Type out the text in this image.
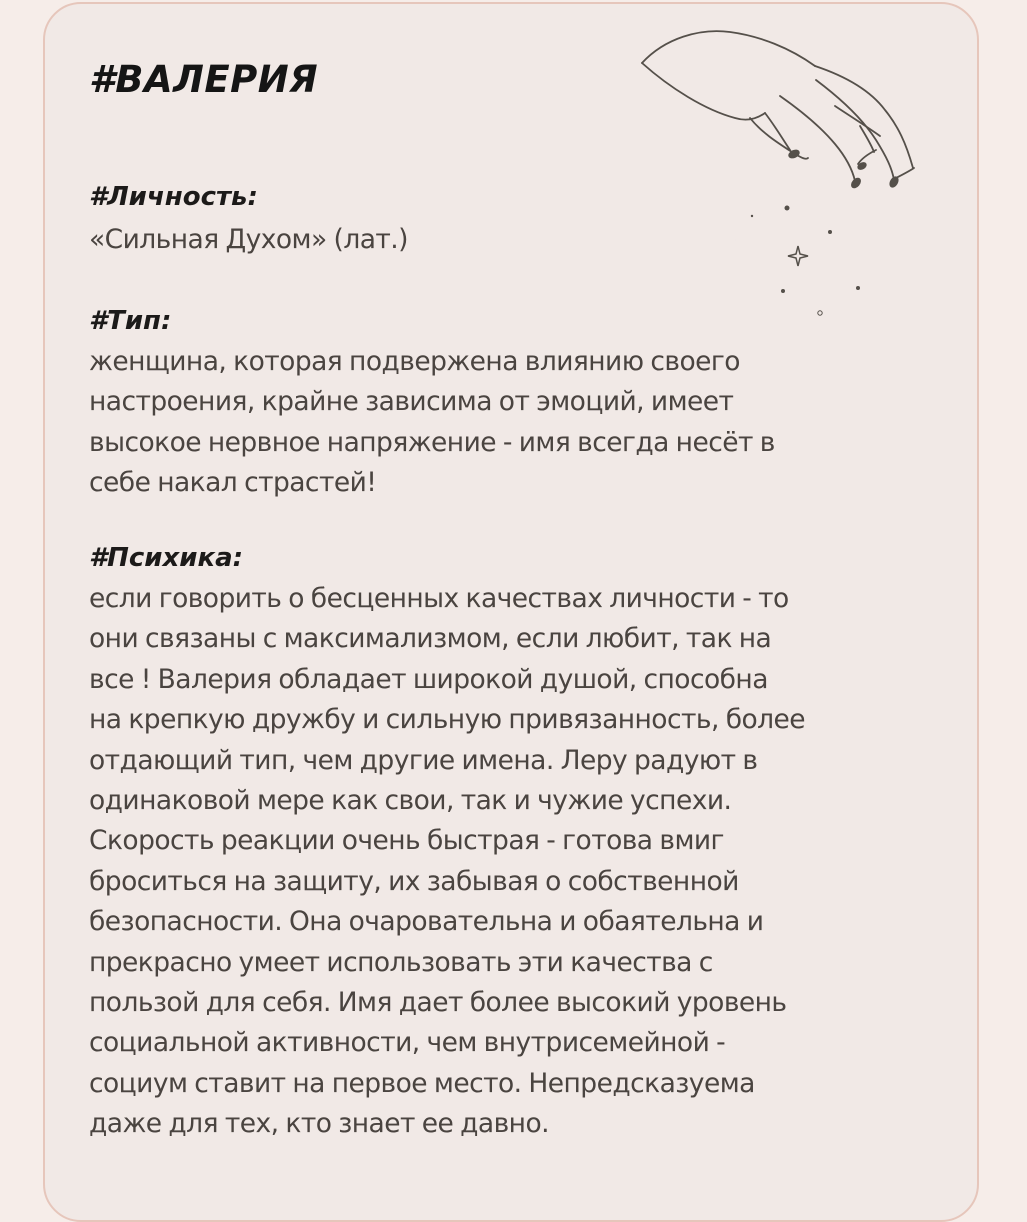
#ВАЛЕРИЯ
#Личность:

«Сильная Духом» (лат.)

#Тип:

женщина, которая подвержена влиянию своего
настроения, крайне зависима от эмоций, имеет
высокое нервное напряжение - имя всегда несёт в
себе накал страстей!

#Психика:

если говорить о бесценных качествах личности - то
они связаны с максимализмом, если любит, так на
все ! Валерия обладает широкой душой, способна
на крепкую дружбу и сильную привязанность, более
отдающий тип, чем другие имена. Леру радуют в
одинаковой мере как свои, так и чужие успехи.
Скорость реакции очень быстрая - готова вмиг
броситься на защиту, их забывая о собственной
безопасности. Она очаровательна и обаятельна и
прекрасно умеет использовать эти качества с
пользой для себя. Имя дает более высокий уровень
социальной активности, чем внутрисемейной -
социум ставит на первое место. Непредсказуема
даже для тех, кто знает ее давно.
